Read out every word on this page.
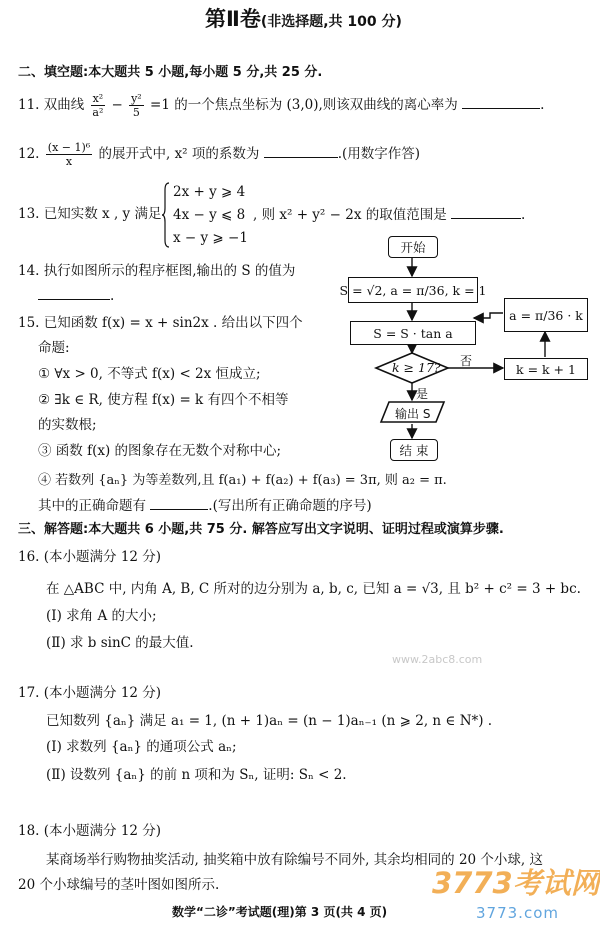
第Ⅱ卷(非选择题,共 100 分)
二、填空题:本大题共 5 小题,每小题 5 分,共 25 分.
11. 双曲线 $\frac{\text{x²}}{\text{a²}} - \frac{\text{y²}}{5} =1$ 的一个焦点坐标为 (3,0),则该双曲线的离心率为	.
12. $\frac{\text{(x − 1)⁶}}{x}$ 的展开式中, x² 项的系数为	.(用数字作答)
13. 已知实数 x , y 满足
2x + y ⩾ 4
4x − y ⩽ 8
x − y ⩾ −1
, 则 x² + y² − 2x 的取值范围是	.
14. 执行如图所示的程序框图,输出的 S 的值为
.
15. 已知函数 f(x) = x + sin2x . 给出以下四个
命题:
① ∀x > 0, 不等式 f(x) < 2x 恒成立;
② ∃k ∈ R, 使方程 f(x) = k 有四个不相等
的实数根;
③ 函数 f(x) 的图象存在无数个对称中心;
④ 若数列 {aₙ} 为等差数列,且 f(a₁) + f(a₂) + f(a₃) = 3π, 则 a₂ = π.
其中的正确命题有	.(写出所有正确命题的序号)
开始
S = √2, a = π/36, k = 1
a = π/36 · k
S = S · tan a
k ≥ 17? 否
k = k + 1
是
输出 S
结 束
三、解答题:本大题共 6 小题,共 75 分. 解答应写出文字说明、证明过程或演算步骤.
16. (本小题满分 12 分)
在 △ABC 中, 内角 A, B, C 所对的边分别为 a, b, c, 已知 a = √3, 且 b² + c² = 3 + bc.
(Ⅰ) 求角 A 的大小;
(Ⅱ) 求 b sinC 的最大值.
www.2abc8.com
17. (本小题满分 12 分)
已知数列 {aₙ} 满足 a₁ = 1, (n + 1)aₙ = (n − 1)aₙ₋₁ (n ⩾ 2, n ∈ N*) .
(Ⅰ) 求数列 {aₙ} 的通项公式 aₙ;
(Ⅱ) 设数列 {aₙ} 的前 n 项和为 Sₙ, 证明: Sₙ < 2.
18. (本小题满分 12 分)
某商场举行购物抽奖活动, 抽奖箱中放有除编号不同外, 其余均相同的 20 个小球, 这
20 个小球编号的茎叶图如图所示.
数学“二诊”考试题(理)第 3 页(共 4 页)
3773考试网
3773.com
